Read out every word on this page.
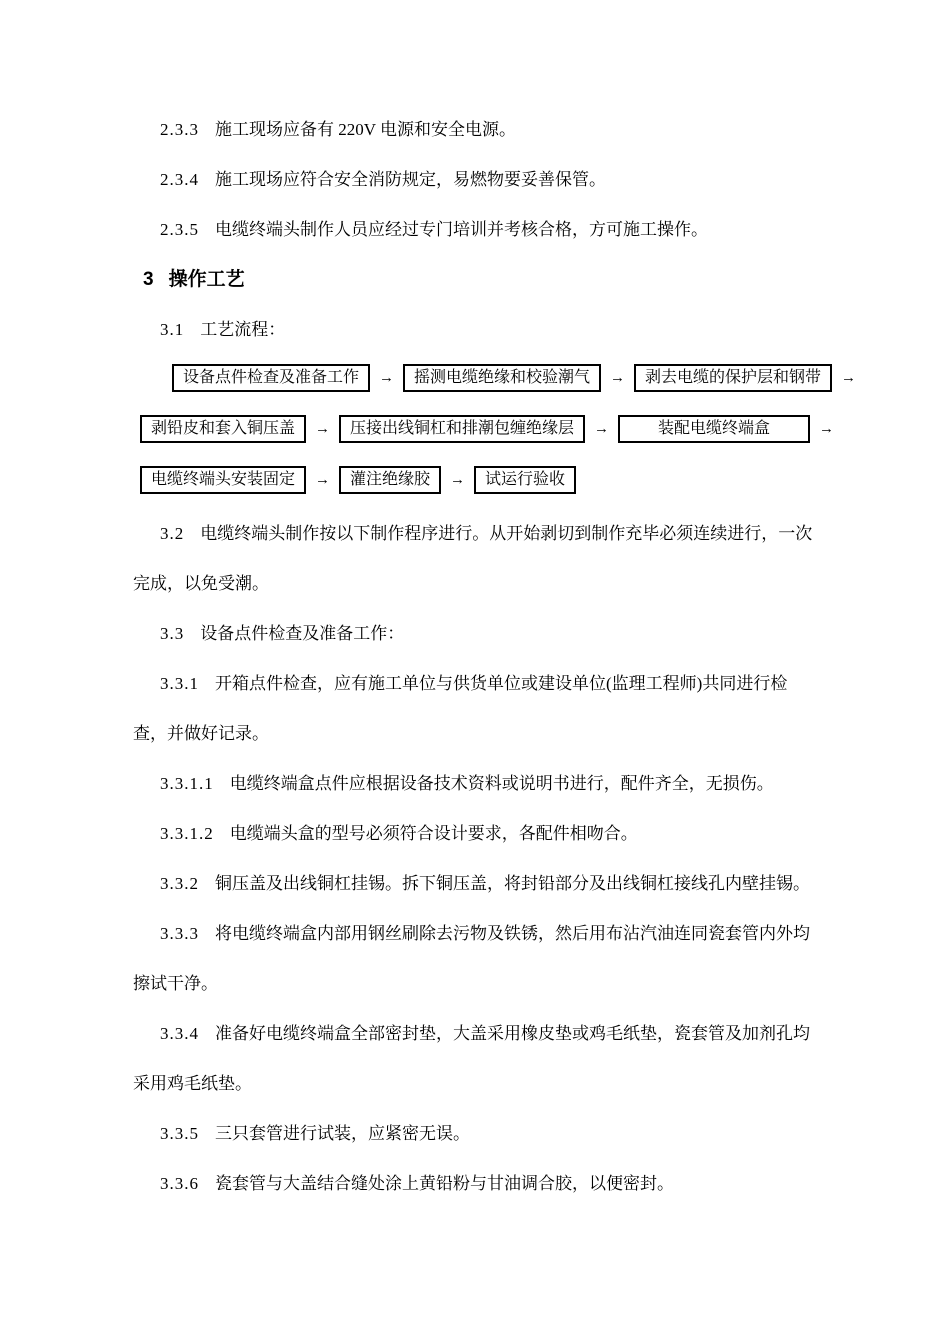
2.3.3 施工现场应备有 220V 电源和安全电源。

2.3.4 施工现场应符合安全消防规定，易燃物要妥善保管。

2.3.5 电缆终端头制作人员应经过专门培训并考核合格，方可施工操作。

3 操作工艺

3.1 工艺流程：

设备点件检查及准备工作	→	摇测电缆绝缘和校验潮气	→	剥去电缆的保护层和钢带	→
剥铅皮和套入铜压盖	→	压接出线铜杠和排潮包缠绝缘层	→	装配电缆终端盒	→
电缆终端头安装固定	→	灌注绝缘胶	→	试运行验收

3.2 电缆终端头制作按以下制作程序进行。从开始剥切到制作充毕必须连续进行，一次完成，以免受潮。

3.3 设备点件检查及准备工作：

3.3.1 开箱点件检查，应有施工单位与供货单位或建设单位(监理工程师)共同进行检查，并做好记录。

3.3.1.1 电缆终端盒点件应根据设备技术资料或说明书进行，配件齐全，无损伤。

3.3.1.2 电缆端头盒的型号必须符合设计要求，各配件相吻合。

3.3.2 铜压盖及出线铜杠挂锡。拆下铜压盖，将封铅部分及出线铜杠接线孔内壁挂锡。

3.3.3 将电缆终端盒内部用钢丝刷除去污物及铁锈，然后用布沾汽油连同瓷套管内外均擦试干净。

3.3.4 准备好电缆终端盒全部密封垫，大盖采用橡皮垫或鸡毛纸垫，瓷套管及加剂孔均采用鸡毛纸垫。

3.3.5 三只套管进行试装，应紧密无误。

3.3.6 瓷套管与大盖结合缝处涂上黄铅粉与甘油调合胶，以便密封。
